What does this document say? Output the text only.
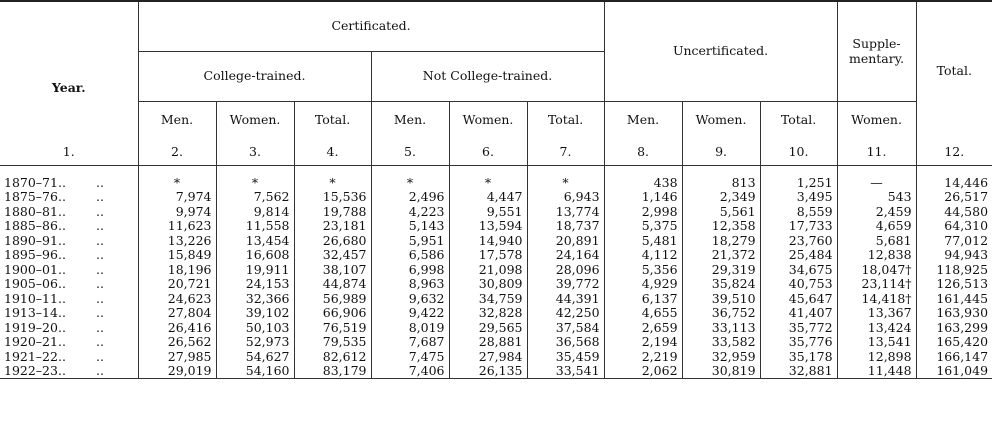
Year.		Certificated.						Uncertificated.			Supple-
mentary.	Total.
		College-trained.			Not College-trained.							
		Men.	Women.	Total.	Men.	Women.	Total.	Men.	Women.	Total.	Women.	
1.		2.	3.	4.	5.	6.	7.	8.	9.	10.	11.	12.

1870–71..	..	*	*	*	*	*	*	438	813	1,251	—	14,446
1875–76..	..	7,974	7,562	15,536	2,496	4,447	6,943	1,146	2,349	3,495	543	26,517
1880–81..	..	9,974	9,814	19,788	4,223	9,551	13,774	2,998	5,561	8,559	2,459	44,580
1885–86..	..	11,623	11,558	23,181	5,143	13,594	18,737	5,375	12,358	17,733	4,659	64,310
1890–91..	..	13,226	13,454	26,680	5,951	14,940	20,891	5,481	18,279	23,760	5,681	77,012
1895–96..	..	15,849	16,608	32,457	6,586	17,578	24,164	4,112	21,372	25,484	12,838	94,943
1900–01..	..	18,196	19,911	38,107	6,998	21,098	28,096	5,356	29,319	34,675	18,047†	118,925
1905–06..	..	20,721	24,153	44,874	8,963	30,809	39,772	4,929	35,824	40,753	23,114†	126,513
1910–11..	..	24,623	32,366	56,989	9,632	34,759	44,391	6,137	39,510	45,647	14,418†	161,445
1913–14..	..	27,804	39,102	66,906	9,422	32,828	42,250	4,655	36,752	41,407	13,367	163,930
1919–20..	..	26,416	50,103	76,519	8,019	29,565	37,584	2,659	33,113	35,772	13,424	163,299
1920–21..	..	26,562	52,973	79,535	7,687	28,881	36,568	2,194	33,582	35,776	13,541	165,420
1921–22..	..	27,985	54,627	82,612	7,475	27,984	35,459	2,219	32,959	35,178	12,898	166,147
1922–23..	..	29,019	54,160	83,179	7,406	26,135	33,541	2,062	30,819	32,881	11,448	161,049
